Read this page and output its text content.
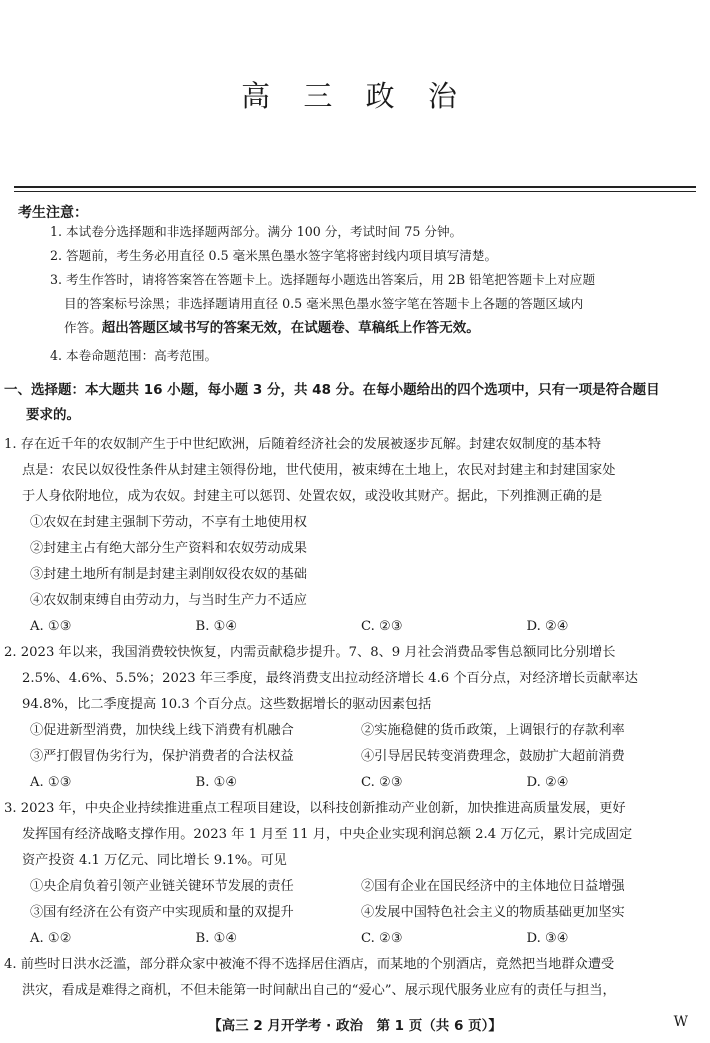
高 三 政 治
考生注意：
1. 本试卷分选择题和非选择题两部分。满分 100 分，考试时间 75 分钟。
2. 答题前，考生务必用直径 0.5 毫米黑色墨水签字笔将密封线内项目填写清楚。
3. 考生作答时，请将答案答在答题卡上。选择题每小题选出答案后，用 2B 铅笔把答题卡上对应题
目的答案标号涂黑；非选择题请用直径 0.5 毫米黑色墨水签字笔在答题卡上各题的答题区域内
作答。超出答题区域书写的答案无效，在试题卷、草稿纸上作答无效。
4. 本卷命题范围：高考范围。
一、选择题：本大题共 16 小题，每小题 3 分，共 48 分。在每小题给出的四个选项中，只有一项是符合题目
要求的。

1. 存在近千年的农奴制产生于中世纪欧洲，后随着经济社会的发展被逐步瓦解。封建农奴制度的基本特

点是：农民以奴役性条件从封建主领得份地，世代使用，被束缚在土地上，农民对封建主和封建国家处

于人身依附地位，成为农奴。封建主可以惩罚、处置农奴，或没收其财产。据此，下列推测正确的是

①农奴在封建主强制下劳动，不享有土地使用权

②封建主占有绝大部分生产资料和农奴劳动成果

③封建土地所有制是封建主剥削奴役农奴的基础

④农奴制束缚自由劳动力，与当时生产力不适应

A. ①③	B. ①④	C. ②③	D. ②④

2. 2023 年以来，我国消费较快恢复，内需贡献稳步提升。7、8、9 月社会消费品零售总额同比分别增长

2.5%、4.6%、5.5%；2023 年三季度，最终消费支出拉动经济增长 4.6 个百分点，对经济增长贡献率达

94.8%，比二季度提高 10.3 个百分点。这些数据增长的驱动因素包括

①促进新型消费，加快线上线下消费有机融合	②实施稳健的货币政策，上调银行的存款利率
③严打假冒伪劣行为，保护消费者的合法权益	④引导居民转变消费理念，鼓励扩大超前消费
A. ①③	B. ①④	C. ②③	D. ②④

3. 2023 年，中央企业持续推进重点工程项目建设，以科技创新推动产业创新，加快推进高质量发展，更好

发挥国有经济战略支撑作用。2023 年 1 月至 11 月，中央企业实现利润总额 2.4 万亿元，累计完成固定

资产投资 4.1 万亿元、同比增长 9.1%。可见

①央企肩负着引领产业链关键环节发展的责任	②国有企业在国民经济中的主体地位日益增强
③国有经济在公有资产中实现质和量的双提升	④发展中国特色社会主义的物质基础更加坚实
A. ①②	B. ①④	C. ②③	D. ③④

4. 前些时日洪水泛滥，部分群众家中被淹不得不选择居住酒店，而某地的个别酒店，竟然把当地群众遭受

洪灾，看成是难得之商机，不但未能第一时间献出自己的“爱心”、展示现代服务业应有的责任与担当，

【高三 2 月开学考 · 政治　第 1 页（共 6 页）】	W
